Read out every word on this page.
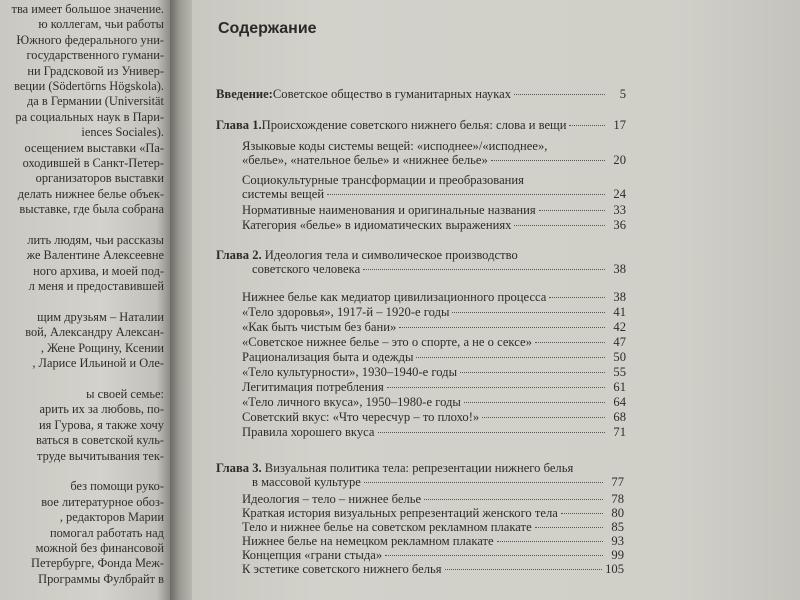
тва имеет большое значение.
ю коллегам, чьи работы
Южного федерального уни-
государственного гумани-
ни Градсковой из Универ-
веции (Södertörns Högskola).
да в Германии (Universität
ра социальных наук в Пари-
iences Sociales).
осещением выставки «Па-
оходившей в Санкт-Петер-
организаторов выставки
делать нижнее белье объек-
выставке, где была собрана
лить людям, чьи рассказы
же Валентине Алексеевне
ного архива, и моей под-
л меня и предоставившей
щим друзьям – Наталии
вой, Александру Алексан-
, Жене Рощину, Ксении
, Ларисе Ильиной и Оле-
ы своей семье:
арить их за любовь, по-
ия Гурова, я также хочу
ваться в советской куль-
труде вычитывания тек-
без помощи руко-
вое литературное обоз-
, редакторов Марии
помогал работать над
можной без финансовой
Петербурге, Фонда Меж-
Программы Фулбрайт в
Содержание
Введение: Советское общество в гуманитарных науках	5
Глава 1. Происхождение советского нижнего белья: слова и вещи	17
Языковые коды системы вещей: «исподнее»/«исподнее»,
«белье», «нательное белье» и «нижнее белье»	20
Социокультурные трансформации и преобразования
системы вещей	24
Нормативные наименования и оригинальные названия	33
Категория «белье» в идиоматических выражениях	36
Глава 2. Идеология тела и символическое производство
советского человека	38
Нижнее белье как медиатор цивилизационного процесса	38
«Тело здоровья», 1917-й – 1920-е годы	41
«Как быть чистым без бани»	42
«Советское нижнее белье – это о спорте, а не о сексе»	47
Рационализация быта и одежды	50
«Тело культурности», 1930–1940-е годы	55
Легитимация потребления	61
«Тело личного вкуса», 1950–1980-е годы	64
Советский вкус: «Что чересчур – то плохо!»	68
Правила хорошего вкуса	71
Глава 3. Визуальная политика тела: репрезентации нижнего белья
в массовой культуре	77
Идеология – тело – нижнее белье	78
Краткая история визуальных репрезентаций женского тела	80
Тело и нижнее белье на советском рекламном плакате	85
Нижнее белье на немецком рекламном плакате	93
Концепция «грани стыда»	99
К эстетике советского нижнего белья	105
